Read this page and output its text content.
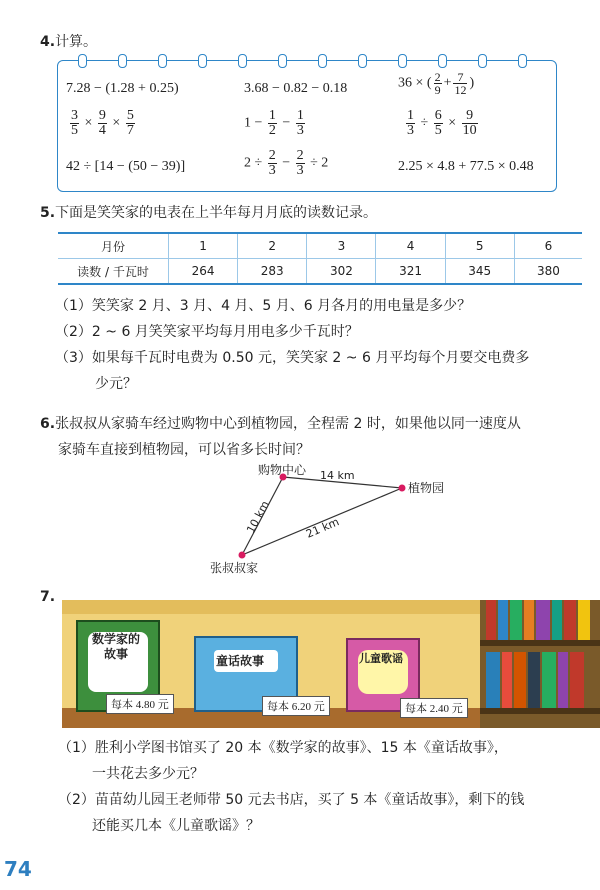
4.计算。
7.28 − (1.28 + 0.25)	3.68 − 0.82 − 0.18	36 × ( $\frac{2}{9} + \frac{7}{12}$ )
$\frac{3}{5} \times \frac{9}{4} \times \frac{5}{7}$	$1 - \frac{1}{2} - \frac{1}{3}$	$\frac{1}{3} \div \frac{6}{5} \times \frac{9}{10}$
42 ÷ [14 − (50 − 39)]	$2 \div \frac{2}{3} - \frac{2}{3} \div 2$	2.25 × 4.8 + 77.5 × 0.48
5.下面是笑笑家的电表在上半年每月月底的读数记录。
月份	1	2	3	4	5	6
读数 / 千瓦时	264	283	302	321	345	380
（1）笑笑家 2 月、3 月、4 月、5 月、6 月各月的用电量是多少？
（2）2 ~ 6 月笑笑家平均每月用电多少千瓦时？
（3）如果每千瓦时电费为 0.50 元，笑笑家 2 ~ 6 月平均每个月要交电费多
少元？
6.张叔叔从家骑车经过购物中心到植物园，全程需 2 时，如果他以同一速度从
家骑车直接到植物园，可以省多长时间？
购物中心
植物园
张叔叔家
14 km
10 km	21 km
7.
数学家的故事	童话故事	儿童歌谣
每本 4.80 元	每本 6.20 元	每本 2.40 元
（1）胜利小学图书馆买了 20 本《数学家的故事》、15 本《童话故事》，
一共花去多少元？
（2）苗苗幼儿园王老师带 50 元去书店，买了 5 本《童话故事》，剩下的钱
还能买几本《儿童歌谣》？
74
